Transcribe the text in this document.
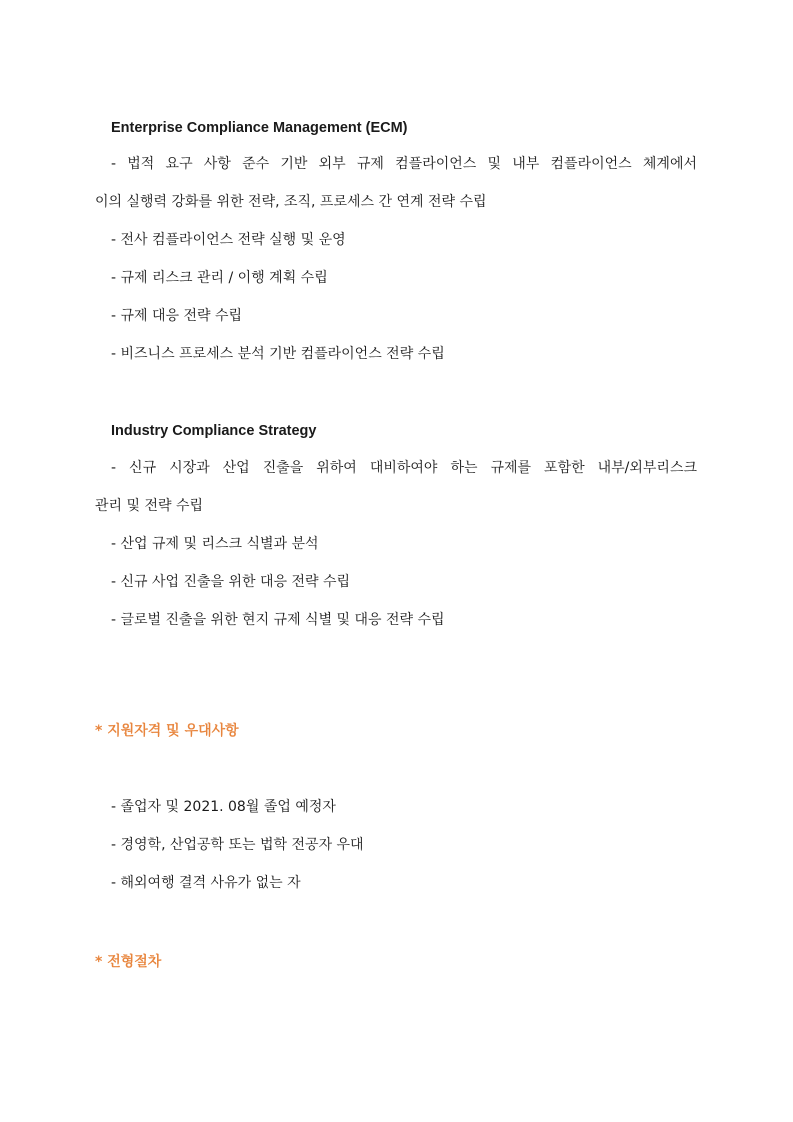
Enterprise Compliance Management (ECM)
- 법적 요구 사항 준수 기반 외부 규제 컴플라이언스 및 내부 컴플라이언스 체계에서
이의 실행력 강화를 위한 전략, 조직, 프로세스 간 연계 전략 수립
- 전사 컴플라이언스 전략 실행 및 운영
- 규제 리스크 관리 / 이행 계획 수립
- 규제 대응 전략 수립
- 비즈니스 프로세스 분석 기반 컴플라이언스 전략 수립
Industry Compliance Strategy
- 신규 시장과 산업 진출을 위하여 대비하여야 하는 규제를 포함한 내부/외부리스크
관리 및 전략 수립
- 산업 규제 및 리스크 식별과 분석
- 신규 사업 진출을 위한 대응 전략 수립
- 글로벌 진출을 위한 현지 규제 식별 및 대응 전략 수립
* 지원자격 및 우대사항
- 졸업자 및 2021. 08월 졸업 예정자
- 경영학, 산업공학 또는 법학 전공자 우대
- 해외여행 결격 사유가 없는 자
* 전형절차
